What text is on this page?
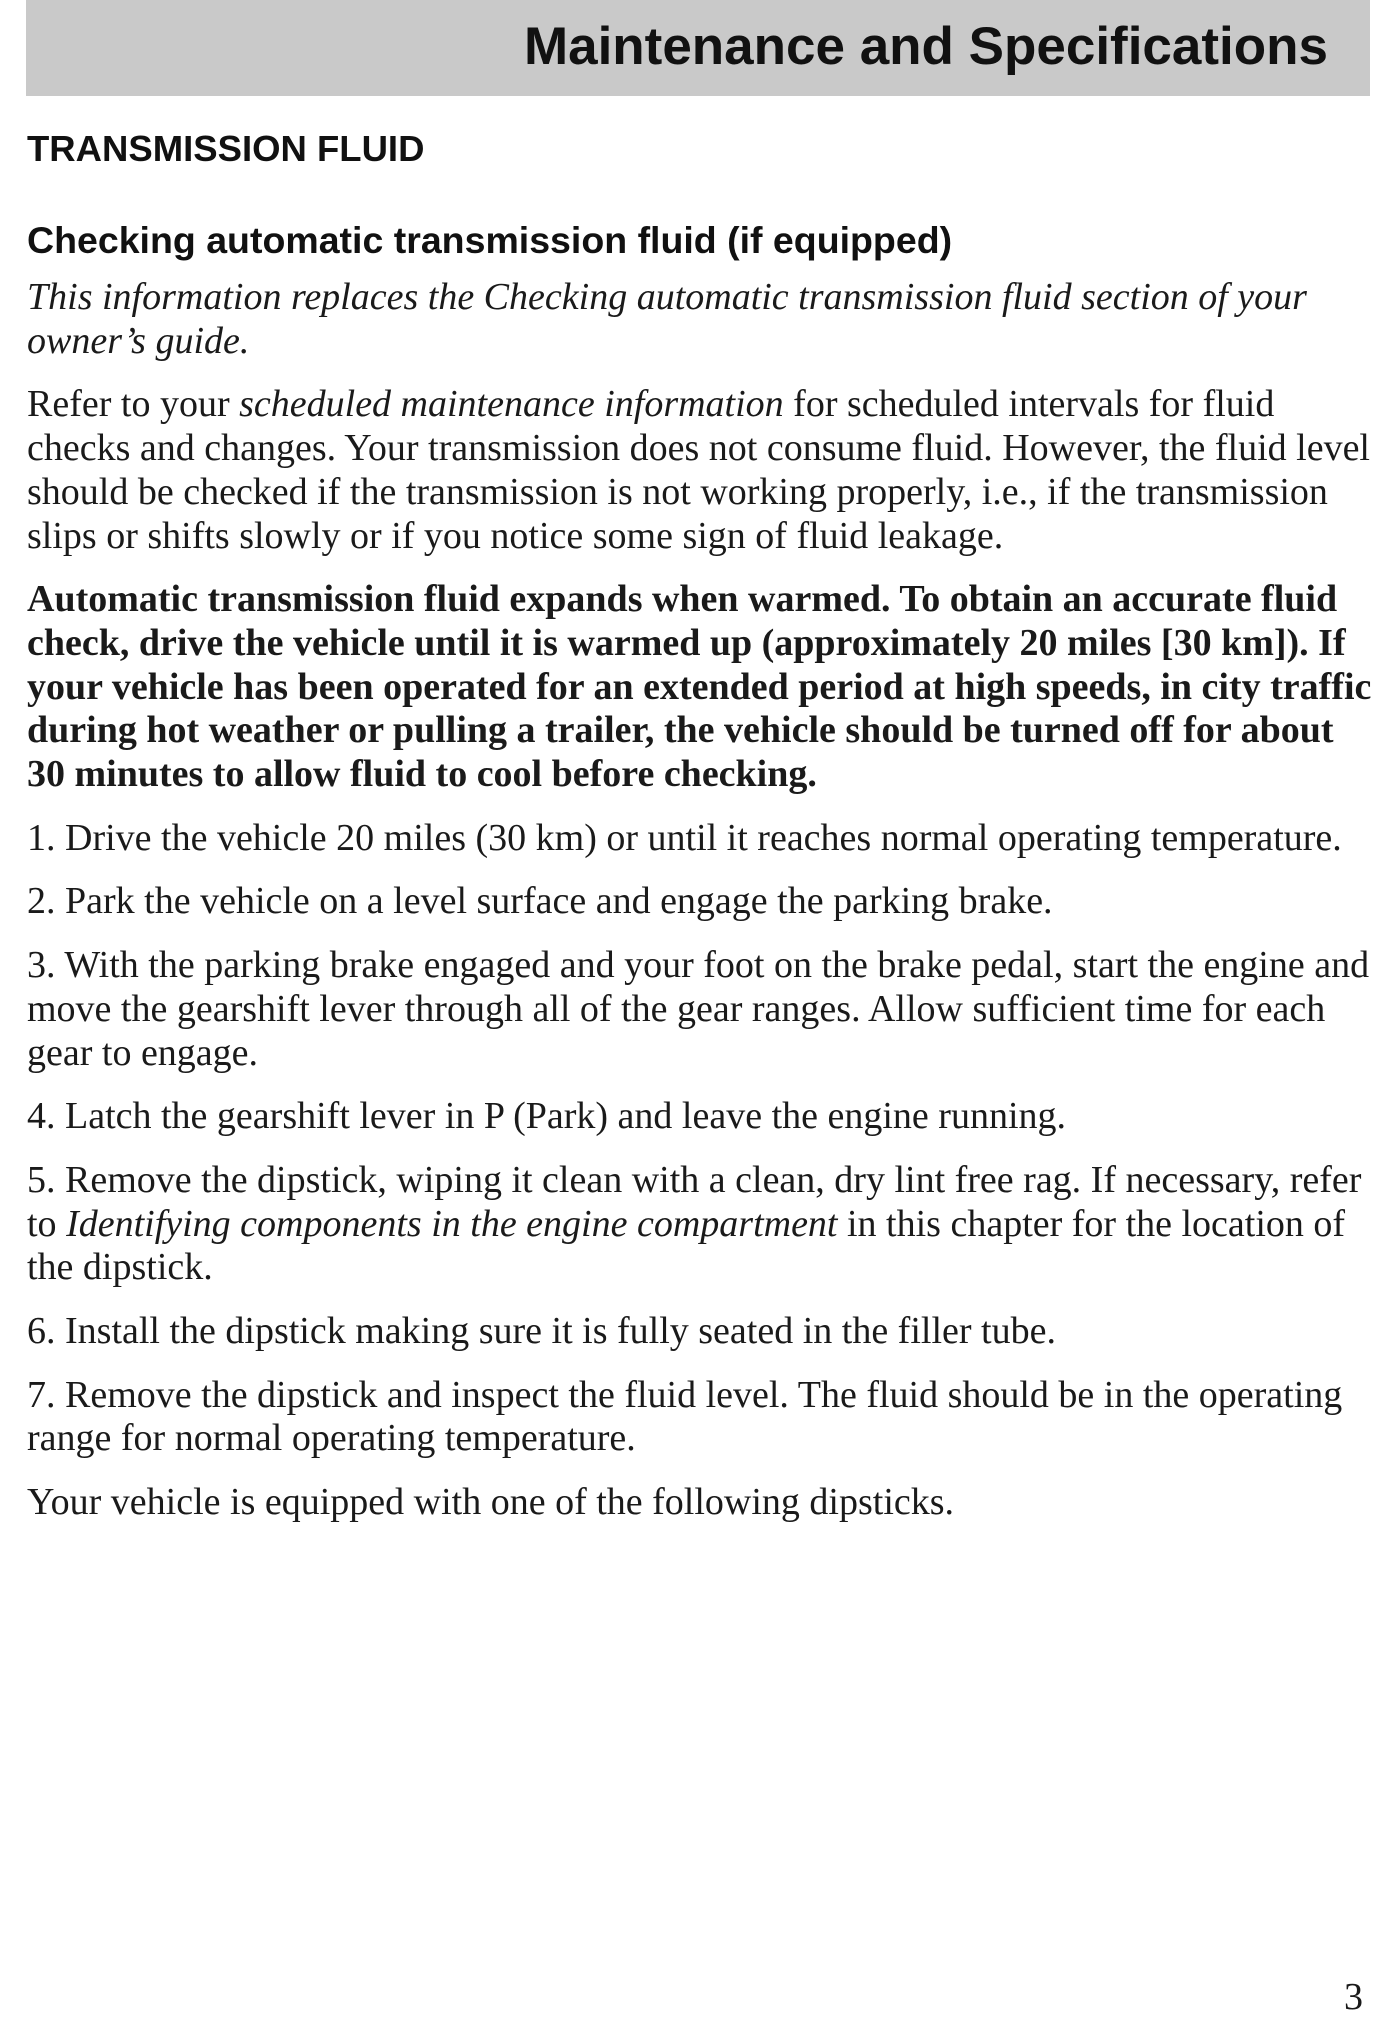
Maintenance and Specifications
TRANSMISSION FLUID
Checking automatic transmission fluid (if equipped)

This information replaces the Checking automatic transmission fluid section of your owner’s guide.

Refer to your scheduled maintenance information for scheduled intervals for fluid checks and changes. Your transmission does not consume fluid. However, the fluid level should be checked if the transmission is not working properly, i.e., if the transmission slips or shifts slowly or if you notice some sign of fluid leakage.

Automatic transmission fluid expands when warmed. To obtain an accurate fluid check, drive the vehicle until it is warmed up (approximately 20 miles [30 km]). If your vehicle has been operated for an extended period at high speeds, in city traffic during hot weather or pulling a trailer, the vehicle should be turned off for about 30 minutes to allow fluid to cool before checking.

1. Drive the vehicle 20 miles (30 km) or until it reaches normal operating temperature.

2. Park the vehicle on a level surface and engage the parking brake.

3. With the parking brake engaged and your foot on the brake pedal, start the engine and move the gearshift lever through all of the gear ranges. Allow sufficient time for each gear to engage.

4. Latch the gearshift lever in P (Park) and leave the engine running.

5. Remove the dipstick, wiping it clean with a clean, dry lint free rag. If necessary, refer to Identifying components in the engine compartment in this chapter for the location of the dipstick.

6. Install the dipstick making sure it is fully seated in the filler tube.

7. Remove the dipstick and inspect the fluid level. The fluid should be in the operating range for normal operating temperature.

Your vehicle is equipped with one of the following dipsticks.

3
